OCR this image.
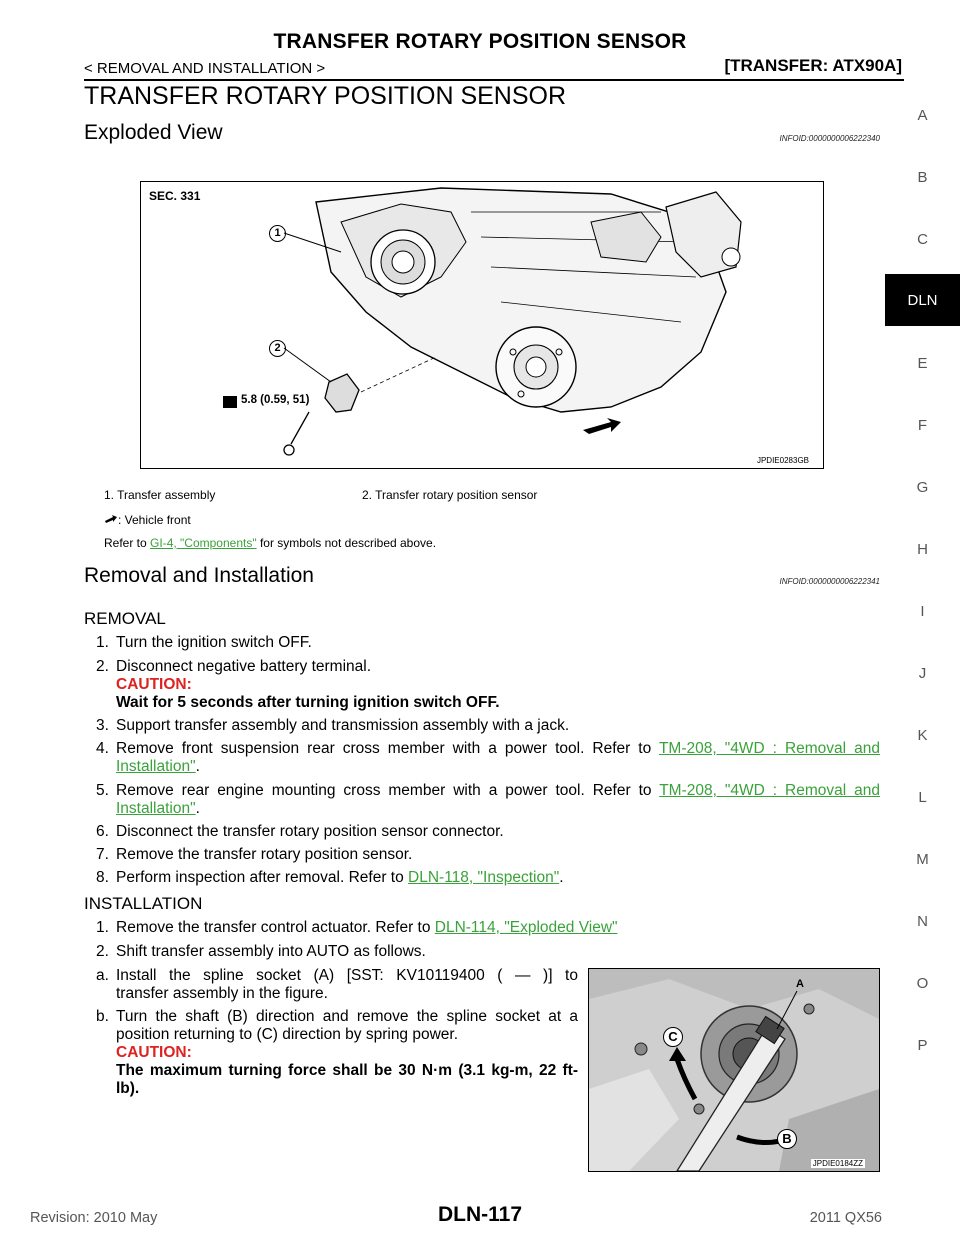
TRANSFER ROTARY POSITION SENSOR
< REMOVAL AND INSTALLATION >	[TRANSFER: ATX90A]
A
B
C
DLN
E
F
G
H
I
J
K
L
M
N
O
P
TRANSFER ROTARY POSITION SENSOR
Exploded View	INFOID:0000000006222340
SEC. 331
1
2
5.8 (0.59, 51)
JPDIE0283GB
1. Transfer assembly	2. Transfer rotary position sensor
: Vehicle front
Refer to GI-4, "Components" for symbols not described above.
Removal and Installation	INFOID:0000000006222341
REMOVAL
1. Turn the ignition switch OFF.
2. Disconnect negative battery terminal.
CAUTION:
Wait for 5 seconds after turning ignition switch OFF.
3. Support transfer assembly and transmission assembly with a jack.
4. Remove front suspension rear cross member with a power tool. Refer to TM-208, "4WD : Removal and
Installation".
5. Remove rear engine mounting cross member with a power tool. Refer to TM-208, "4WD : Removal and
Installation".
6. Disconnect the transfer rotary position sensor connector.
7. Remove the transfer rotary position sensor.
8. Perform inspection after removal. Refer to DLN-118, "Inspection".
INSTALLATION
1. Remove the transfer control actuator. Refer to DLN-114, "Exploded View"
2. Shift transfer assembly into AUTO as follows.
a. Install the spline socket (A) [SST: KV10119400 ( — )] to
transfer assembly in the figure.
b. Turn the shaft (B) direction and remove the spline socket at a
position returning to (C) direction by spring power.
CAUTION:
The maximum turning force shall be 30 N·m (3.1 kg-m, 22 ft-
lb).
A
C
B
JPDIE0184ZZ
Revision: 2010 May	DLN-117	2011 QX56
